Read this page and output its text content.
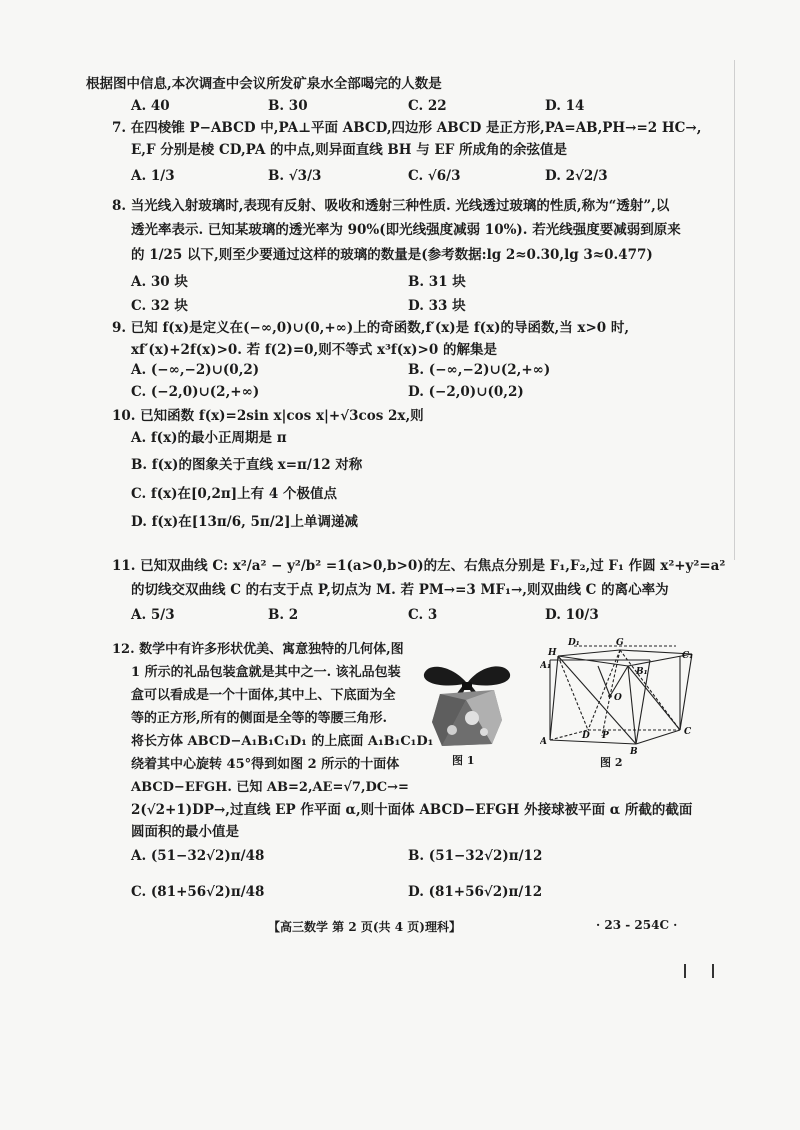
根据图中信息,本次调查中会议所发矿泉水全部喝完的人数是
A. 40	B. 30	C. 22	D. 14
7. 在四棱锥 P−ABCD 中,PA⊥平面 ABCD,四边形 ABCD 是正方形,PA=AB,PH→=2 HC→,
E,F 分别是棱 CD,PA 的中点,则异面直线 BH 与 EF 所成角的余弦值是
A. 1/3	B. √3/3	C. √6/3	D. 2√2/3
8. 当光线入射玻璃时,表现有反射、吸收和透射三种性质. 光线透过玻璃的性质,称为“透射”,以
透光率表示. 已知某玻璃的透光率为 90%(即光线强度减弱 10%). 若光线强度要减弱到原来
的 1/25 以下,则至少要通过这样的玻璃的数量是(参考数据:lg 2≈0.30,lg 3≈0.477)
A. 30 块	B. 31 块
C. 32 块	D. 33 块
9. 已知 f(x)是定义在(−∞,0)∪(0,+∞)上的奇函数,f′(x)是 f(x)的导函数,当 x>0 时,
xf′(x)+2f(x)>0. 若 f(2)=0,则不等式 x³f(x)>0 的解集是
A. (−∞,−2)∪(0,2)	B. (−∞,−2)∪(2,+∞)
C. (−2,0)∪(2,+∞)	D. (−2,0)∪(0,2)
10. 已知函数 f(x)=2sin x|cos x|+√3cos 2x,则
A. f(x)的最小正周期是 π
B. f(x)的图象关于直线 x=π/12 对称
C. f(x)在[0,2π]上有 4 个极值点
D. f(x)在[13π/6, 5π/2]上单调递减
11. 已知双曲线 C: x²/a² − y²/b² =1(a>0,b>0)的左、右焦点分别是 F₁,F₂,过 F₁ 作圆 x²+y²=a²
的切线交双曲线 C 的右支于点 P,切点为 M. 若 PM→=3 MF₁→,则双曲线 C 的离心率为
A. 5/3	B. 2	C. 3	D. 10/3
12. 数学中有许多形状优美、寓意独特的几何体,图
1 所示的礼品包装盒就是其中之一. 该礼品包装
盒可以看成是一个十面体,其中上、下底面为全
等的正方形,所有的侧面是全等的等腰三角形.
将长方体 ABCD−A₁B₁C₁D₁ 的上底面 A₁B₁C₁D₁
绕着其中心旋转 45°得到如图 2 所示的十面体
ABCD−EFGH. 已知 AB=2,AE=√7,DC→=
2(√2+1)DP→,过直线 EP 作平面 α,则十面体 ABCD−EFGH 外接球被平面 α 所截的截面
圆面积的最小值是
图 1
D₁	G
H	C₁
A₁
B₁
O
A
D P	C
B
图 2
A. (51−32√2)π/48	B. (51−32√2)π/12
C. (81+56√2)π/48	D. (81+56√2)π/12
【高三数学 第 2 页(共 4 页)理科】	· 23 - 254C ·
